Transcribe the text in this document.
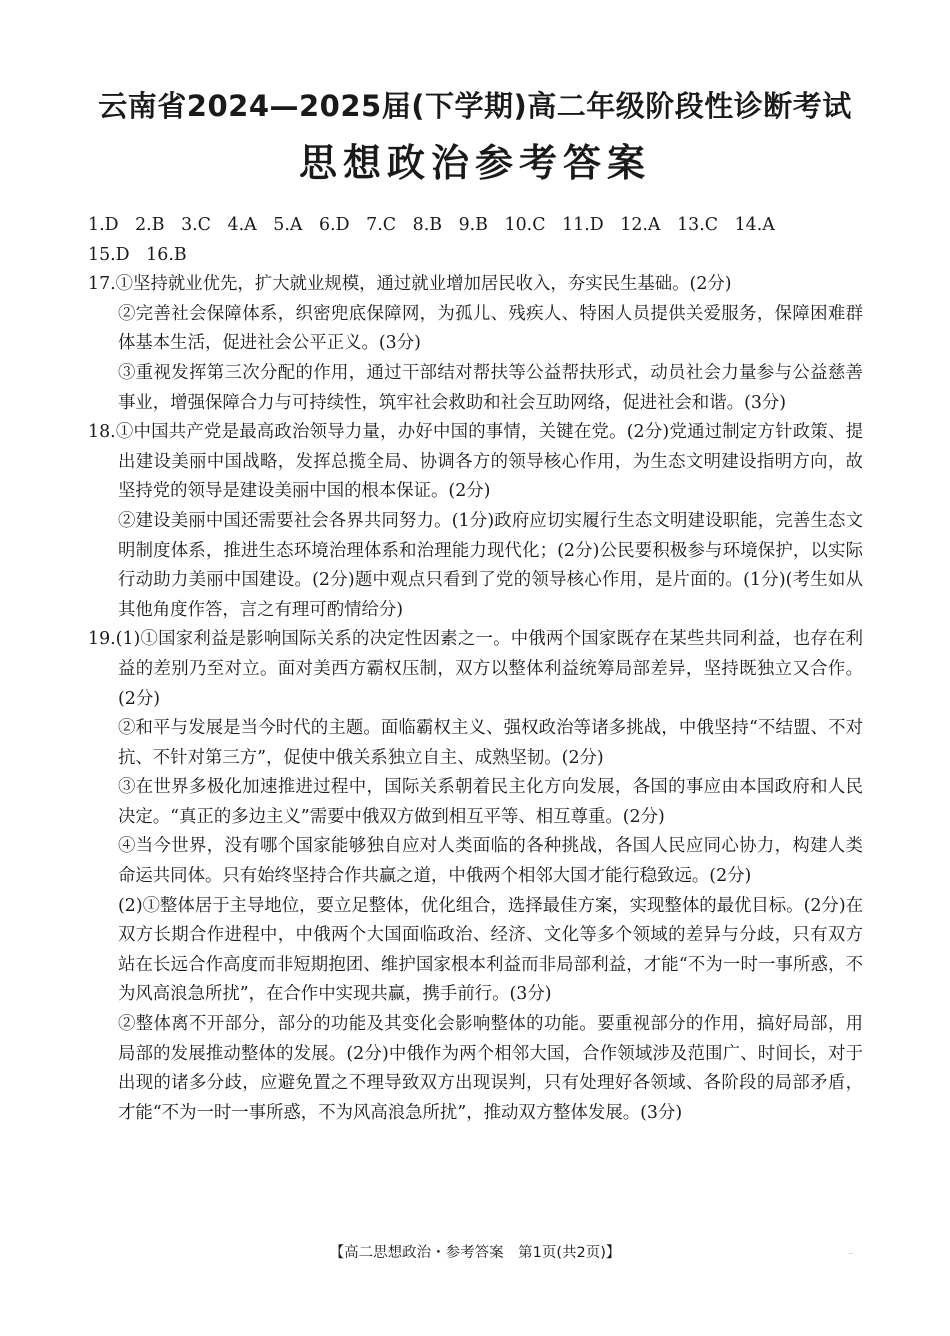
云南省2024—2025届(下学期)高二年级阶段性诊断考试
思想政治参考答案

1.D   2.B   3.C   4.A   5.A   6.D   7.C   8.B   9.B   10.C   11.D   12.A   13.C   14.A

15.D   16.B

17.①坚持就业优先，扩大就业规模，通过就业增加居民收入，夯实民生基础。(2分)

②完善社会保障体系，织密兜底保障网，为孤儿、残疾人、特困人员提供关爱服务，保障困难群体基本生活，促进社会公平正义。(3分)

③重视发挥第三次分配的作用，通过干部结对帮扶等公益帮扶形式，动员社会力量参与公益慈善事业，增强保障合力与可持续性，筑牢社会救助和社会互助网络，促进社会和谐。(3分)

18.①中国共产党是最高政治领导力量，办好中国的事情，关键在党。(2分)党通过制定方针政策、提出建设美丽中国战略，发挥总揽全局、协调各方的领导核心作用，为生态文明建设指明方向，故坚持党的领导是建设美丽中国的根本保证。(2分)

②建设美丽中国还需要社会各界共同努力。(1分)政府应切实履行生态文明建设职能，完善生态文明制度体系，推进生态环境治理体系和治理能力现代化；(2分)公民要积极参与环境保护，以实际行动助力美丽中国建设。(2分)题中观点只看到了党的领导核心作用，是片面的。(1分)(考生如从其他角度作答，言之有理可酌情给分)

19.(1)①国家利益是影响国际关系的决定性因素之一。中俄两个国家既存在某些共同利益，也存在利益的差别乃至对立。面对美西方霸权压制，双方以整体利益统筹局部差异，坚持既独立又合作。(2分)

②和平与发展是当今时代的主题。面临霸权主义、强权政治等诸多挑战，中俄坚持“不结盟、不对抗、不针对第三方”，促使中俄关系独立自主、成熟坚韧。(2分)

③在世界多极化加速推进过程中，国际关系朝着民主化方向发展，各国的事应由本国政府和人民决定。“真正的多边主义”需要中俄双方做到相互平等、相互尊重。(2分)

④当今世界，没有哪个国家能够独自应对人类面临的各种挑战，各国人民应同心协力，构建人类命运共同体。只有始终坚持合作共赢之道，中俄两个相邻大国才能行稳致远。(2分)

(2)①整体居于主导地位，要立足整体，优化组合，选择最佳方案，实现整体的最优目标。(2分)在双方长期合作进程中，中俄两个大国面临政治、经济、文化等多个领域的差异与分歧，只有双方站在长远合作高度而非短期抱团、维护国家根本利益而非局部利益，才能“不为一时一事所惑，不为风高浪急所扰”，在合作中实现共赢，携手前行。(3分)

②整体离不开部分，部分的功能及其变化会影响整体的功能。要重视部分的作用，搞好局部，用局部的发展推动整体的发展。(2分)中俄作为两个相邻大国，合作领域涉及范围广、时间长，对于出现的诸多分歧，应避免置之不理导致双方出现误判，只有处理好各领域、各阶段的局部矛盾，才能“不为一时一事所惑，不为风高浪急所扰”，推动双方整体发展。(3分)

【高二思想政治・参考答案　第1页(共2页)】	‥
